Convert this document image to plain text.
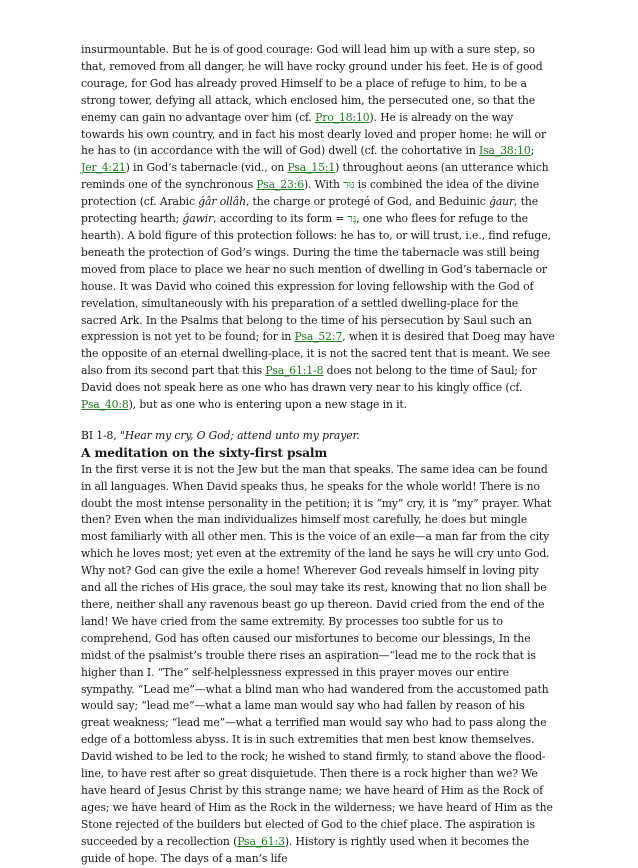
insurmountable. But he is of good courage: God will lead him up with a sure step, so that, removed from all danger, he will have rocky ground under his feet. He is of good courage, for God has already proved Himself to be a place of refuge to him, to be a strong tower, defying all attack, which enclosed him, the persecuted one, so that the enemy can gain no advantage over him (cf. Pro_18:10). He is already on the way towards his own country, and in fact his most dearly loved and proper home: he will or he has to (in accordance with the will of God) dwell (cf. the cohortative in Isa_38:10; Jer_4:21) in God’s tabernacle (vid., on Psa_15:1) throughout aeons (an utterance which reminds one of the synchronous Psa_23:6). With גּוּר is combined the idea of the divine protection (cf. Arabic ǵâr ollâh, the charge or protegé of God, and Beduinic ǵaur, the protecting hearth; ǵawir, according to its form = גָּר, one who flees for refuge to the hearth). A bold figure of this protection follows: he has to, or will trust, i.e., find refuge, beneath the protection of God’s wings. During the time the tabernacle was still being moved from place to place we hear no such mention of dwelling in God’s tabernacle or house. It was David who coined this expression for loving fellowship with the God of revelation, simultaneously with his preparation of a settled dwelling-place for the sacred Ark. In the Psalms that belong to the time of his persecution by Saul such an expression is not yet to be found; for in Psa_52:7, when it is desired that Doeg may have the opposite of an eternal dwelling-place, it is not the sacred tent that is meant. We see also from its second part that this Psa_61:1-8 does not belong to the time of Saul; for David does not speak here as one who has drawn very near to his kingly office (cf. Psa_40:8), but as one who is entering upon a new stage in it.

BI 1-8, "Hear my cry, O God; attend unto my prayer.

A meditation on the sixty-first psalm

In the first verse it is not the Jew but the man that speaks. The same idea can be found in all languages. When David speaks thus, he speaks for the whole world! There is no doubt the most intense personality in the petition; it is “my” cry, it is “my” prayer. What then? Even when the man individualizes himself most carefully, he does but mingle most familiarly with all other men. This is the voice of an exile—a man far from the city which he loves most; yet even at the extremity of the land he says he will cry unto God. Why not? God can give the exile a home! Wherever God reveals himself in loving pity and all the riches of His grace, the soul may take its rest, knowing that no lion shall be there, neither shall any ravenous beast go up thereon. David cried from the end of the land! We have cried from the same extremity. By processes too subtle for us to comprehend, God has often caused our misfortunes to become our blessings, In the midst of the psalmist’s trouble there rises an aspiration—“lead me to the rock that is higher than I. “The” self-helplessness expressed in this prayer moves our entire sympathy. “Lead me”—what a blind man who had wandered from the accustomed path would say; “lead me”—what a lame man would say who had fallen by reason of his great weakness; “lead me”—what a terrified man would say who had to pass along the edge of a bottomless abyss. It is in such extremities that men best know themselves. David wished to be led to the rock; he wished to stand firmly, to stand above the flood-line, to have rest after so great disquietude. Then there is a rock higher than we? We have heard of Jesus Christ by this strange name; we have heard of Him as the Rock of ages; we have heard of Him as the Rock in the wilderness; we have heard of Him as the Stone rejected of the builders but elected of God to the chief place. The aspiration is succeeded by a recollection (Psa_61:3). History is rightly used when it becomes the guide of hope. The days of a man’s life
